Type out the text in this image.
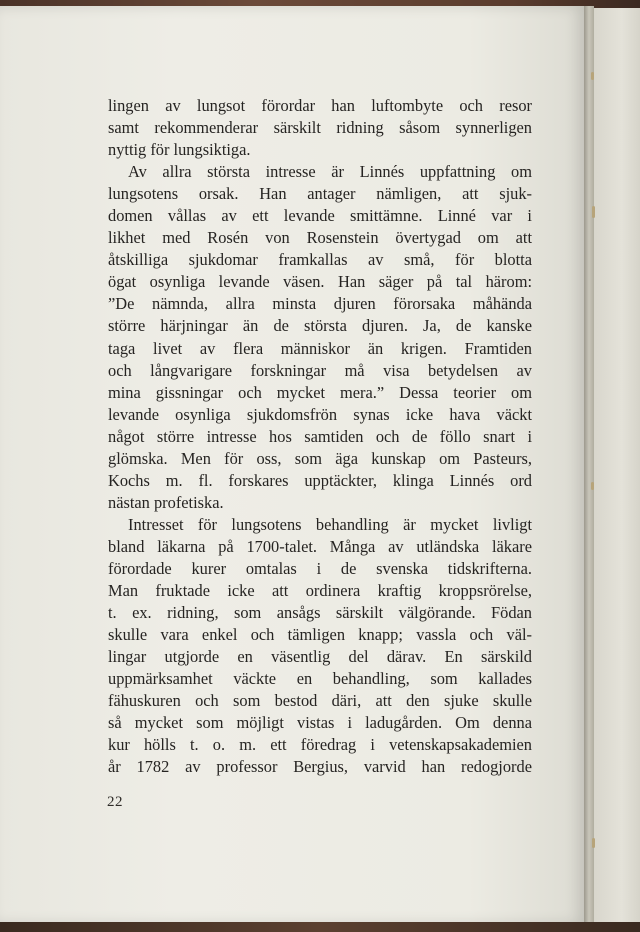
lingen av lungsot förordar han luftombyte och resor
samt rekommenderar särskilt ridning såsom synnerligen
nyttig för lungsiktiga.
Av allra största intresse är Linnés uppfattning om
lungsotens orsak. Han antager nämligen, att sjuk-
domen vållas av ett levande smittämne. Linné var i
likhet med Rosén von Rosenstein övertygad om att
åtskilliga sjukdomar framkallas av små, för blotta
ögat osynliga levande väsen. Han säger på tal härom:
”De nämnda, allra minsta djuren förorsaka måhända
större härjningar än de största djuren. Ja, de kanske
taga livet av flera människor än krigen. Framtiden
och långvarigare forskningar må visa betydelsen av
mina gissningar och mycket mera.” Dessa teorier om
levande osynliga sjukdomsfrön synas icke hava väckt
något större intresse hos samtiden och de föllo snart i
glömska. Men för oss, som äga kunskap om Pasteurs,
Kochs m. fl. forskares upptäckter, klinga Linnés ord
nästan profetiska.
Intresset för lungsotens behandling är mycket livligt
bland läkarna på 1700-talet. Många av utländska läkare
förordade kurer omtalas i de svenska tidskrifterna.
Man fruktade icke att ordinera kraftig kroppsrörelse,
t. ex. ridning, som ansågs särskilt välgörande. Födan
skulle vara enkel och tämligen knapp; vassla och väl-
lingar utgjorde en väsentlig del därav. En särskild
uppmärksamhet väckte en behandling, som kallades
fähuskuren och som bestod däri, att den sjuke skulle
så mycket som möjligt vistas i ladugården. Om denna
kur hölls t. o. m. ett föredrag i vetenskapsakademien
år 1782 av professor Bergius, varvid han redogjorde
22
